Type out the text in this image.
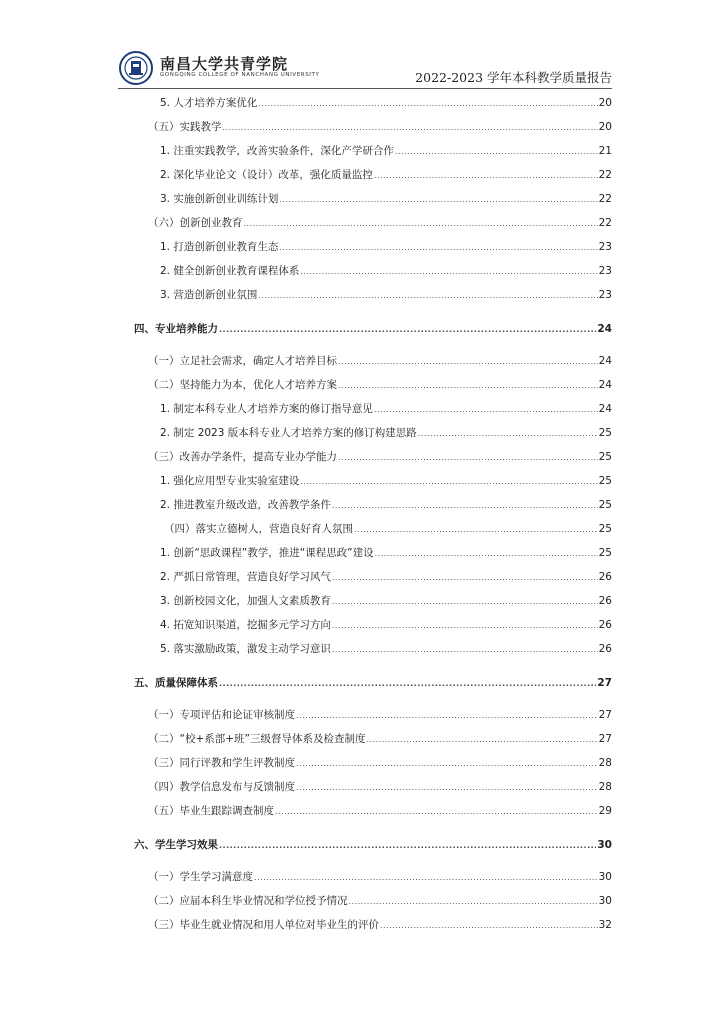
南昌大学共青学院
GONGQING COLLEGE OF NANCHANG UNIVERSITY	2022-2023 学年本科教学质量报告
5. 人才培养方案优化 .....	20
（五）实践教学 .....	20
1. 注重实践教学，改善实验条件，深化产学研合作 .....	21
2. 深化毕业论文（设计）改革，强化质量监控 .....	22
3. 实施创新创业训练计划 .....	22
（六）创新创业教育 .....	22
1. 打造创新创业教育生态 .....	23
2. 健全创新创业教育课程体系 .....	23
3. 营造创新创业氛围 .....	23
四、专业培养能力 .....	24
（一）立足社会需求，确定人才培养目标 .....	24
（二）坚持能力为本，优化人才培养方案 .....	24
1. 制定本科专业人才培养方案的修订指导意见 .....	24
2. 制定 2023 版本科专业人才培养方案的修订构建思路 .....	25
（三）改善办学条件，提高专业办学能力 .....	25
1. 强化应用型专业实验室建设 .....	25
2. 推进教室升级改造，改善教学条件 .....	25
（四）落实立德树人，营造良好育人氛围 .....	25
1. 创新“思政课程”教学，推进“课程思政”建设 .....	25
2. 严抓日常管理，营造良好学习风气 .....	26
3. 创新校园文化，加强人文素质教育 .....	26
4. 拓宽知识渠道，挖掘多元学习方向 .....	26
5. 落实激励政策，激发主动学习意识 .....	26
五、质量保障体系 .....	27
（一）专项评估和论证审核制度 .....	27
（二）“校+系部+班”三级督导体系及检查制度 .....	27
（三）同行评教和学生评教制度 .....	28
（四）教学信息发布与反馈制度 .....	28
（五）毕业生跟踪调查制度 .....	29
六、学生学习效果 .....	30
（一）学生学习满意度 .....	30
（二）应届本科生毕业情况和学位授予情况 .....	30
（三）毕业生就业情况和用人单位对毕业生的评价 .....	32
